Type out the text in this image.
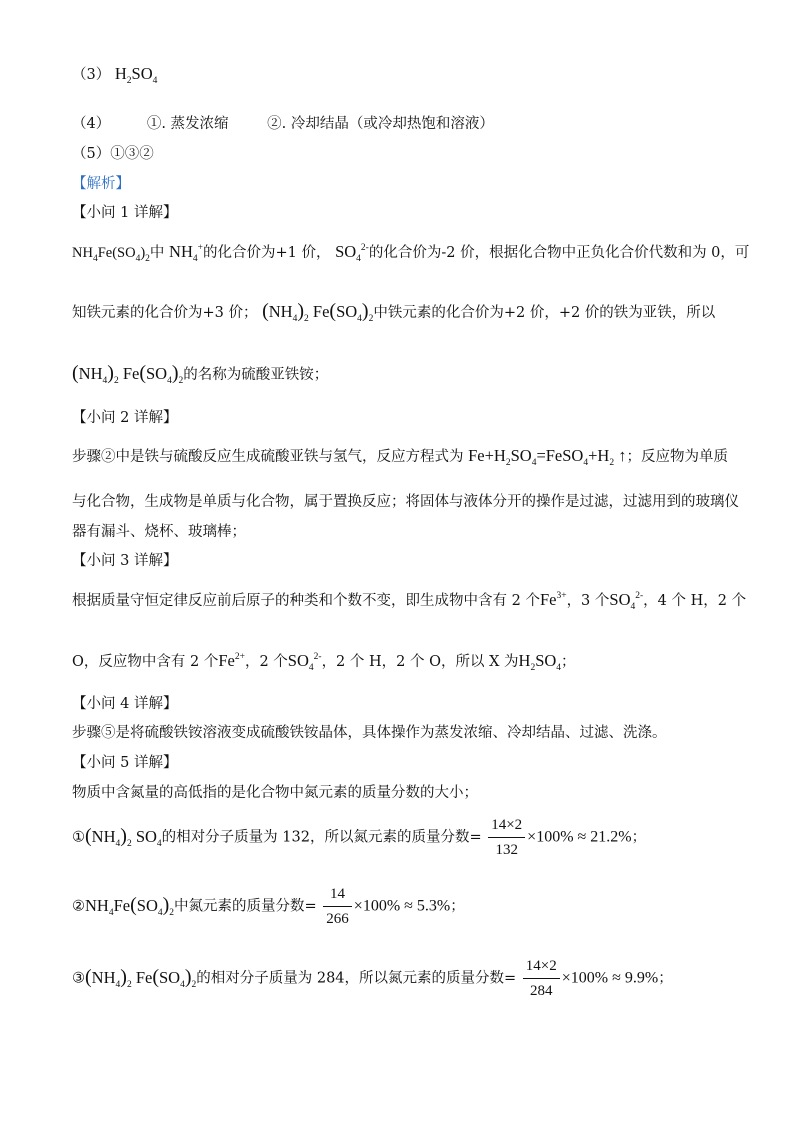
（3） $H_2SO_4$
（4）	①. 蒸发浓缩	②. 冷却结晶（或冷却热饱和溶液）
（5）①③②
【解析】
【小问 1 详解】
$NH_4Fe(SO_4)_2$中 $NH_4^+$的化合价为+1 价， $SO_4^{2-}$的化合价为-2 价，根据化合物中正负化合价代数和为 0，可
知铁元素的化合价为+3 价； $(NH_4)_2$ $Fe(SO_4)_2$中铁元素的化合价为+2 价，+2 价的铁为亚铁，所以
$(NH_4)_2$ $Fe(SO_4)_2$的名称为硫酸亚铁铵；
【小问 2 详解】
步骤②中是铁与硫酸反应生成硫酸亚铁与氢气，反应方程式为 $Fe+H_2SO_4=FeSO_4+H_2$ ↑；反应物为单质
与化合物，生成物是单质与化合物，属于置换反应；将固体与液体分开的操作是过滤，过滤用到的玻璃仪
器有漏斗、烧杯、玻璃棒；
【小问 3 详解】
根据质量守恒定律反应前后原子的种类和个数不变，即生成物中含有 2 个$Fe^{3+}$，3 个$SO_4^{2-}$，4 个 H，2 个
O，反应物中含有 2 个$Fe^{2+}$，2 个$SO_4^{2-}$，2 个 H，2 个 O，所以 X 为$H_2SO_4$；
【小问 4 详解】
步骤⑤是将硫酸铁铵溶液变成硫酸铁铵晶体，具体操作为蒸发浓缩、冷却结晶、过滤、洗涤。
【小问 5 详解】
物质中含氮量的高低指的是化合物中氮元素的质量分数的大小；
$①(NH_4)_2$ $SO_4$的相对分子质量为 132，所以氮元素的质量分数= $\frac{14\times 2}{132} \times 100\% \approx 21.2\%$；
$②NH_4Fe(SO_4)_2$中氮元素的质量分数= $\frac{14}{266} \times 100\% \approx 5.3\%$；
$③(NH_4)_2$ $Fe(SO_4)_2$的相对分子质量为 284，所以氮元素的质量分数= $\frac{14\times 2}{284} \times 100\% \approx 9.9\%$；
